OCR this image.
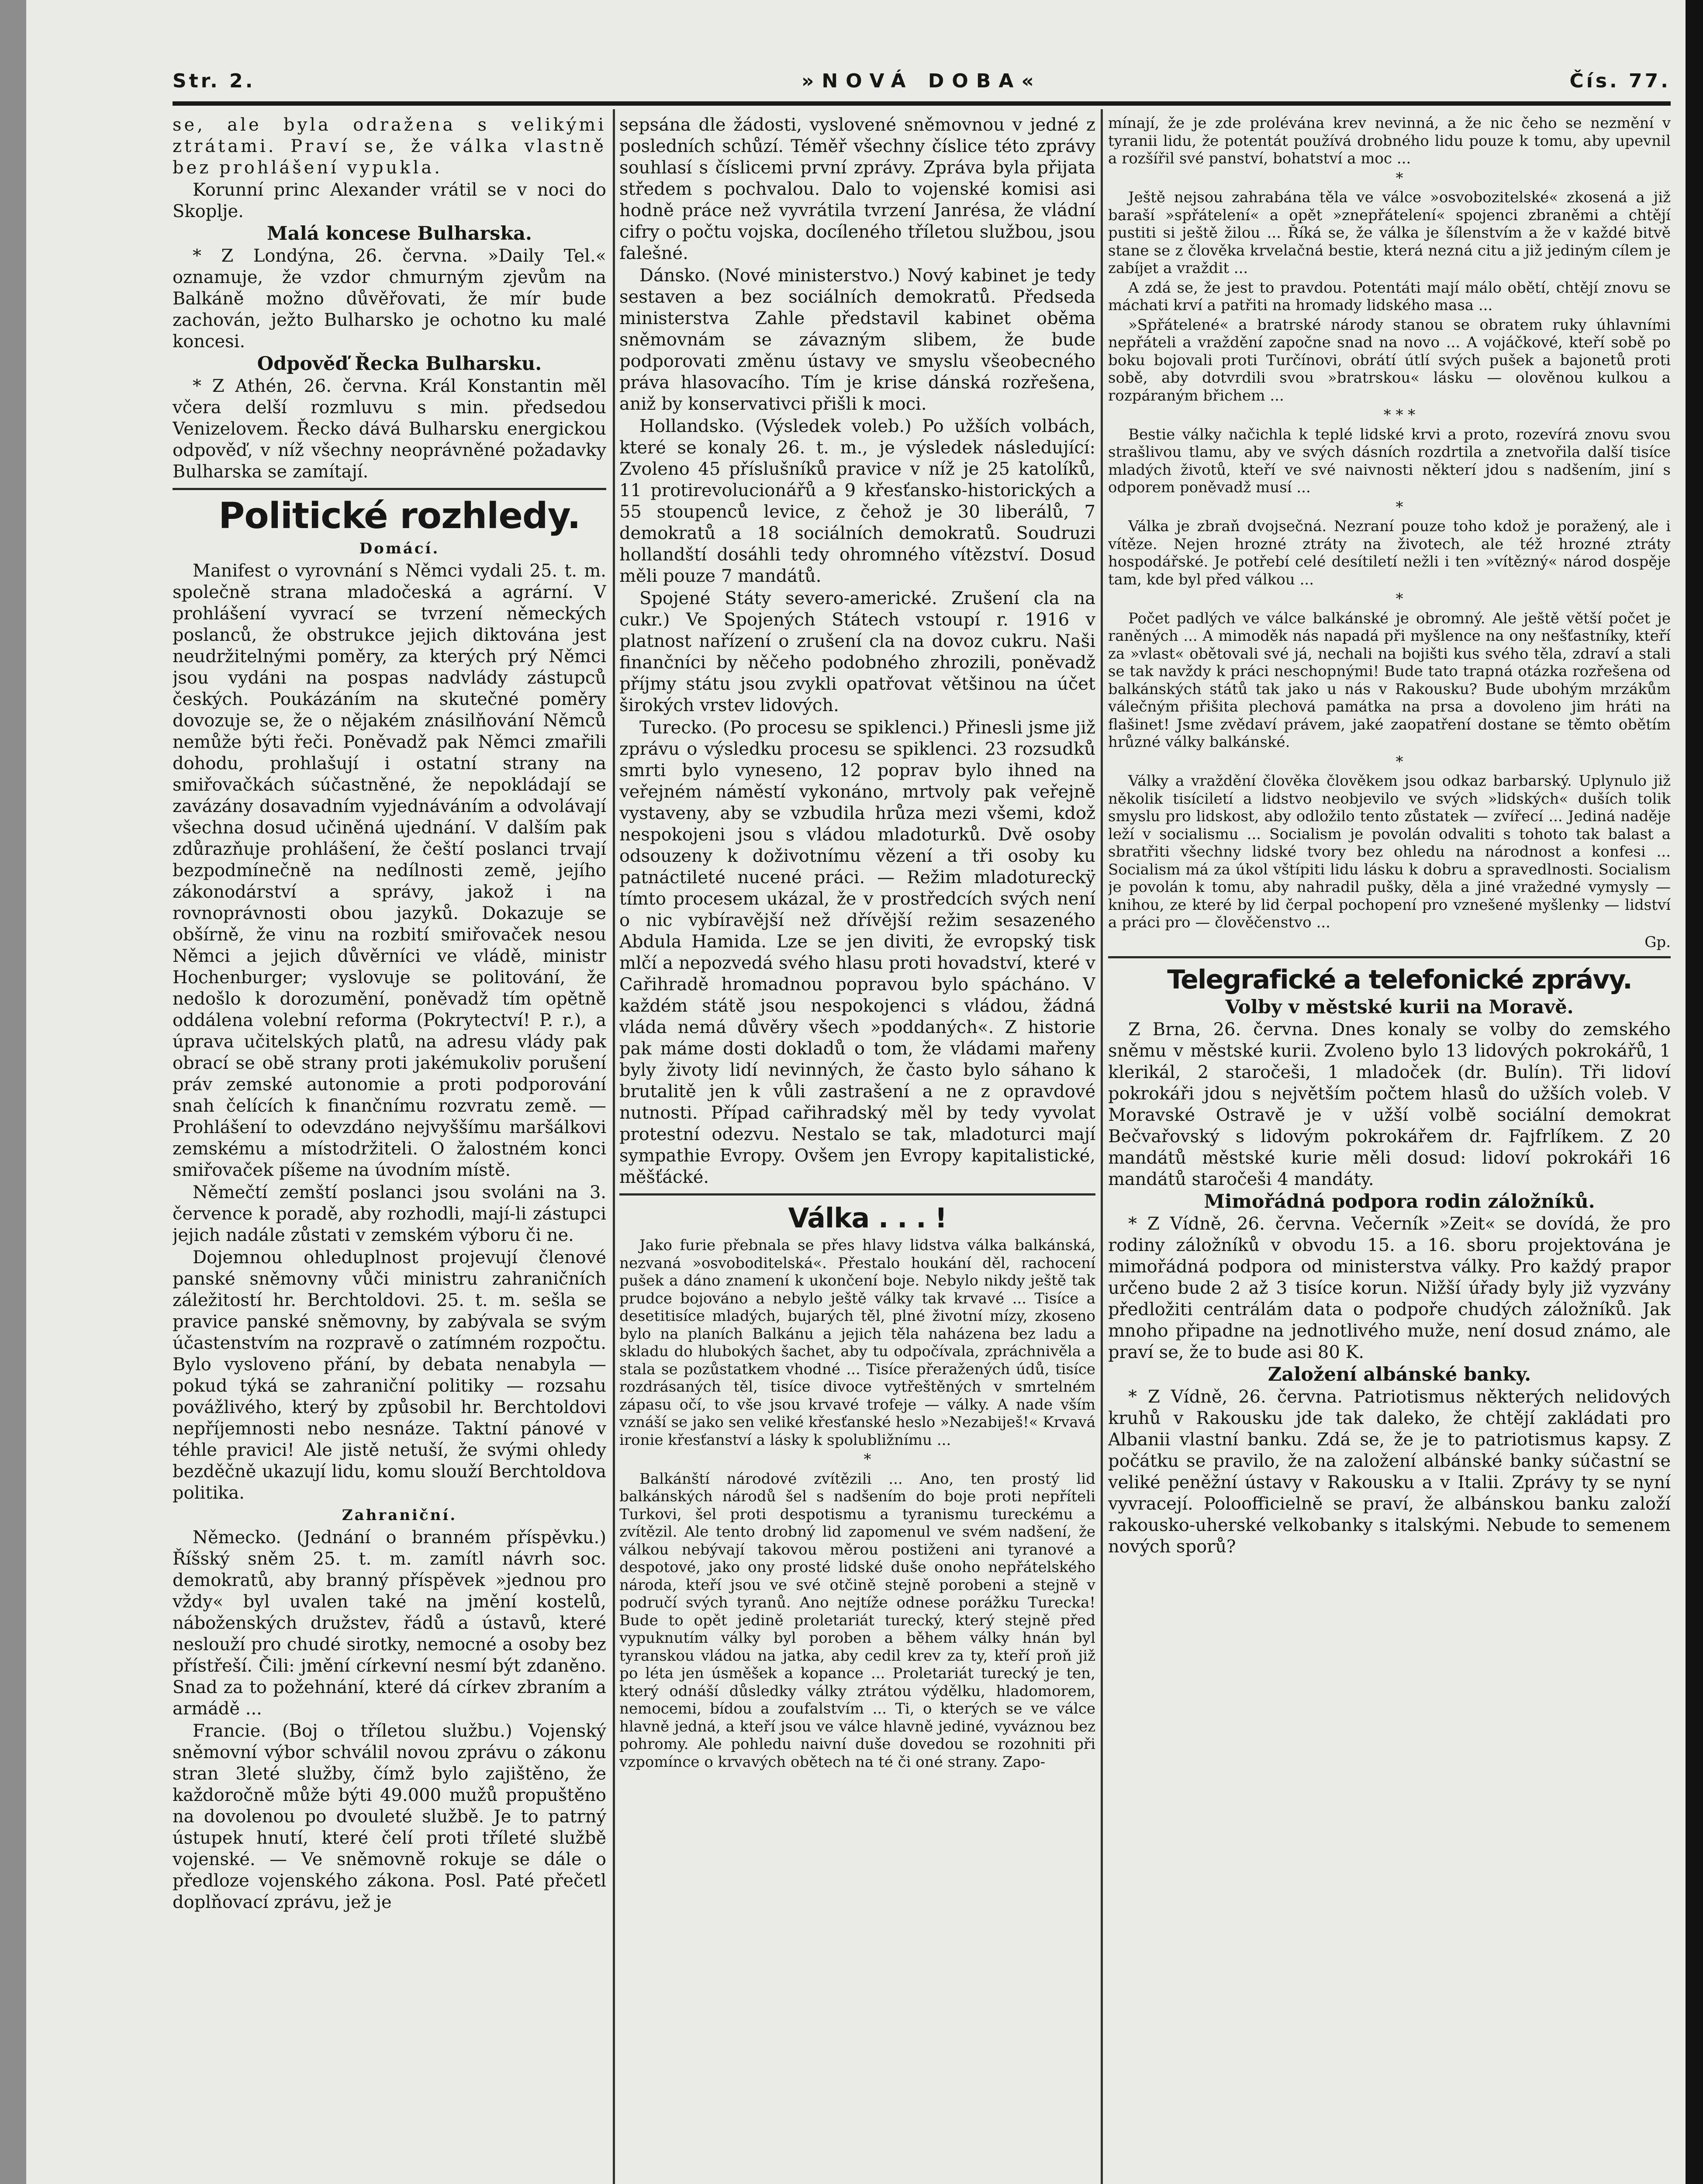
Str. 2.	»NOVÁ DOBA«	Čís. 77.

se, ale byla odražena s velikými ztrátami. Praví se, že válka vlastně bez prohlášení vypukla.

Korunní princ Alexander vrátil se v noci do Skoplje.

Malá koncese Bulharska.

* Z Londýna, 26. června. »Daily Tel.« oznamuje, že vzdor chmurným zjevům na Balkáně možno důvěřovati, že mír bude zachován, ježto Bulharsko je ochotno ku malé koncesi.

Odpověď Řecka Bulharsku.

* Z Athén, 26. června. Král Konstantin měl včera delší rozmluvu s min. předsedou Venizelovem. Řecko dává Bulharsku energickou odpověď, v níž všechny neoprávněné požadavky Bulharska se zamítají.

Politické rozhledy.

Domácí.

Manifest o vyrovnání s Němci vydali 25. t. m. společně strana mladočeská a agrární. V prohlášení vyvrací se tvrzení německých poslanců, že obstrukce jejich diktována jest neudržitelnými poměry, za kterých prý Němci jsou vydáni na pospas nadvlády zástupců českých. Poukázáním na skutečné poměry dovozuje se, že o nějakém znásilňování Němců nemůže býti řeči. Poněvadž pak Němci zmařili dohodu, prohlašují i ostatní strany na smiřovačkách súčastněné, že nepokládají se zavázány dosavadním vyjednáváním a odvolávají všechna dosud učiněná ujednání. V dalším pak zdůrazňuje prohlášení, že čeští poslanci trvají bezpodmínečně na nedílnosti země, jejího zákonodárství a správy, jakož i na rovnoprávnosti obou jazyků. Dokazuje se obšírně, že vinu na rozbití smiřovaček nesou Němci a jejich důvěrníci ve vládě, ministr Hochenburger; vyslovuje se politování, že nedošlo k dorozumění, poněvadž tím opětně oddálena volební reforma (Pokrytectví! P. r.), a úprava učitelských platů, na adresu vlády pak obrací se obě strany proti jakémukoliv porušení práv zemské autonomie a proti podporování snah čelících k finančnímu rozvratu země. — Prohlášení to odevzdáno nejvyššímu maršálkovi zemskému a místodržiteli. O žalostném konci smiřovaček píšeme na úvodním místě.

Němečtí zemští poslanci jsou svoláni na 3. července k poradě, aby rozhodli, mají-li zástupci jejich nadále zůstati v zemském výboru či ne.

Dojemnou ohleduplnost projevují členové panské sněmovny vůči ministru zahraničních záležitostí hr. Berchtoldovi. 25. t. m. sešla se pravice panské sněmovny, by zabývala se svým účastenstvím na rozpravě o zatímném rozpočtu. Bylo vysloveno přání, by debata nenabyla — pokud týká se zahraniční politiky — rozsahu povážlivého, který by způsobil hr. Berchtoldovi nepříjemnosti nebo nesnáze. Taktní pánové v téhle pravici! Ale jistě netuší, že svými ohledy bezděčně ukazují lidu, komu slouží Berchtoldova politika.

Zahraniční.

Německo. (Jednání o branném příspěvku.) Říšský sněm 25. t. m. zamítl návrh soc. demokratů, aby branný příspěvek »jednou pro vždy« byl uvalen také na jmění kostelů, náboženských družstev, řádů a ústavů, které neslouží pro chudé sirotky, nemocné a osoby bez přístřeší. Čili: jmění církevní nesmí být zdaněno. Snad za to požehnání, které dá církev zbraním a armádě ...

Francie. (Boj o tříletou službu.) Vojenský sněmovní výbor schválil novou zprávu o zákonu stran 3leté služby, čímž bylo zajištěno, že každoročně může býti 49.000 mužů propuštěno na dovolenou po dvouleté službě. Je to patrný ústupek hnutí, které čelí proti tříleté službě vojenské. — Ve sněmovně rokuje se dále o předloze vojenského zákona. Posl. Paté přečetl doplňovací zprávu, jež je

sepsána dle žádosti, vyslovené sněmovnou v jedné z posledních schůzí. Téměř všechny číslice této zprávy souhlasí s číslicemi první zprávy. Zpráva byla přijata středem s pochvalou. Dalo to vojenské komisi asi hodně práce než vyvrátila tvrzení Janrésa, že vládní cifry o počtu vojska, docíleného tříletou službou, jsou falešné.

Dánsko. (Nové ministerstvo.) Nový kabinet je tedy sestaven a bez sociálních demokratů. Předseda ministerstva Zahle představil kabinet oběma sněmovnám se závazným slibem, že bude podporovati změnu ústavy ve smyslu všeobecného práva hlasovacího. Tím je krise dánská rozřešena, aniž by konservativci přišli k moci.

Hollandsko. (Výsledek voleb.) Po užších volbách, které se konaly 26. t. m., je výsledek následující: Zvoleno 45 příslušníků pravice v níž je 25 katolíků, 11 protirevolucionářů a 9 křesťansko-historických a 55 stoupenců levice, z čehož je 30 liberálů, 7 demokratů a 18 sociálních demokratů. Soudruzi hollandští dosáhli tedy ohromného vítězství. Dosud měli pouze 7 mandátů.

Spojené Státy severo-americké. Zrušení cla na cukr.) Ve Spojených Státech vstoupí r. 1916 v platnost nařízení o zrušení cla na dovoz cukru. Naši finančníci by něčeho podobného zhrozili, poněvadž příjmy státu jsou zvykli opatřovat většinou na účet širokých vrstev lidových.

Turecko. (Po procesu se spiklenci.) Přinesli jsme již zprávu o výsledku procesu se spiklenci. 23 rozsudků smrti bylo vyneseno, 12 poprav bylo ihned na veřejném náměstí vykonáno, mrtvoly pak veřejně vystaveny, aby se vzbudila hrůza mezi všemi, kdož nespokojeni jsou s vládou mladoturků. Dvě osoby odsouzeny k doživotnímu vězení a tři osoby ku patnáctileté nucené práci. — Režim mladotureckÿ tímto procesem ukázal, že v prostředcích svých není o nic vybíravější než dřívější režim sesazeného Abdula Hamida. Lze se jen diviti, že evropský tisk mlčí a nepozvedá svého hlasu proti hovadství, které v Cařihradě hromadnou popravou bylo spácháno. V každém státě jsou nespokojenci s vládou, žádná vláda nemá důvěry všech »poddaných«. Z historie pak máme dosti dokladů o tom, že vládami mařeny byly životy lidí nevinných, že často bylo sáhano k brutalitě jen k vůli zastrašení a ne z opravdové nutnosti. Případ cařihradský měl by tedy vyvolat protestní odezvu. Nestalo se tak, mladoturci mají sympathie Evropy. Ovšem jen Evropy kapitalistické, měšťácké.

Válka . . . !

Jako furie přebnala se přes hlavy lidstva válka balkánská, nezvaná »osvoboditelská«. Přestalo houkání děl, rachocení pušek a dáno znamení k ukončení boje. Nebylo nikdy ještě tak prudce bojováno a nebylo ještě války tak krvavé ... Tisíce a desetitisíce mladých, bujarých těl, plné životní mízy, zkoseno bylo na planích Balkánu a jejich těla naházena bez ladu a skladu do hlubokých šachet, aby tu odpočívala, zpráchnivěla a stala se pozůstatkem vhodné ... Tisíce přeražených údů, tisíce rozdrásaných těl, tisíce divoce vytřeštěných v smrtelném zápasu očí, to vše jsou krvavé trofeje — války. A nade vším vznáší se jako sen veliké křesťanské heslo »Nezabiješ!« Krvavá ironie křesťanství a lásky k spolubližnímu ...

*

Balkánští národové zvítězili ... Ano, ten prostý lid balkánských národů šel s nadšením do boje proti nepříteli Turkovi, šel proti despotismu a tyranismu tureckému a zvítězil. Ale tento drobný lid zapomenul ve svém nadšení, že válkou nebývají takovou měrou postiženi ani tyranové a despotové, jako ony prosté lidské duše onoho nepřátelského národa, kteří jsou ve své otčině stejně porobeni a stejně v područí svých tyranů. Ano nejtíže odnese porážku Turecka! Bude to opět jedině proletariát turecký, který stejně před vypuknutím války byl poroben a během války hnán byl tyranskou vládou na jatka, aby cedil krev za ty, kteří proň již po léta jen úsměšek a kopance ... Proletariát turecký je ten, který odnáší důsledky války ztrátou výdělku, hladomorem, nemocemi, bídou a zoufalstvím ... Ti, o kterých se ve válce hlavně jedná, a kteří jsou ve válce hlavně jediné, vyváznou bez pohromy. Ale pohledu naivní duše dovedou se rozohniti při vzpomínce o krvavých obětech na té či oné strany. Zapo-

mínají, že je zde prolévána krev nevinná, a že nic čeho se nezmění v tyranii lidu, že potentát používá drobného lidu pouze k tomu, aby upevnil a rozšířil své panství, bohatství a moc ...

*

Ještě nejsou zahrabána těla ve válce »osvobozitelské« zkosená a již baraší »spřátelení« a opět »znepřátelení« spojenci zbraněmi a chtějí pustiti si ještě žilou ... Říká se, že válka je šílenstvím a že v každé bitvě stane se z člověka krvelačná bestie, která nezná citu a již jediným cílem je zabíjet a vraždit ...

A zdá se, že jest to pravdou. Potentáti mají málo obětí, chtějí znovu se máchati krví a patřiti na hromady lidského masa ...

»Spřátelené« a bratrské národy stanou se obratem ruky úhlavními nepřáteli a vraždění započne snad na novo ... A vojáčkové, kteří sobě po boku bojovali proti Turčínovi, obrátí útlí svých pušek a bajonetů proti sobě, aby dotvrdili svou »bratrskou« lásku — olověnou kulkou a rozpáraným břichem ...

* * *

Bestie války načichla k teplé lidské krvi a proto, rozevírá znovu svou strašlivou tlamu, aby ve svých dásních rozdrtila a znetvořila další tisíce mladých životů, kteří ve své naivnosti některí jdou s nadšením, jiní s odporem poněvadž musí ...

*

Válka je zbraň dvojsečná. Nezraní pouze toho kdož je poražený, ale i vítěze. Nejen hrozné ztráty na životech, ale též hrozné ztráty hospodářské. Je potřebí celé desítiletí nežli i ten »vítězný« národ dospěje tam, kde byl před válkou ...

*

Počet padlých ve válce balkánské je obromný. Ale ještě větší počet je raněných ... A mimoděk nás napadá při myšlence na ony nešťastníky, kteří za »vlast« obětovali své já, nechali na bojišti kus svého těla, zdraví a stali se tak navždy k práci neschopnými! Bude tato trapná otázka rozřešena od balkánských států tak jako u nás v Rakousku? Bude ubohým mrzákům válečným přišita plechová památka na prsa a dovoleno jim hráti na flašinet! Jsme zvědaví právem, jaké zaopatření dostane se těmto obětím hrůzné války balkánské.

*

Války a vraždění člověka člověkem jsou odkaz barbarský. Uplynulo již několik tisíciletí a lidstvo neobjevilo ve svých »lidských« duších tolik smyslu pro lidskost, aby odložilo tento zůstatek — zvířecí ... Jediná naděje leží v socialismu ... Socialism je povolán odvaliti s tohoto tak balast a sbratřiti všechny lidské tvory bez ohledu na národnost a konfesi ... Socialism má za úkol vštípiti lidu lásku k dobru a spravedlnosti. Socialism je povolán k tomu, aby nahradil pušky, děla a jiné vražedné vymysly — knihou, ze které by lid čerpal pochopení pro vznešené myšlenky — lidství a práci pro — člověčenstvo ...

Gp.

Telegrafické a telefonické zprávy.

Volby v městské kurii na Moravě.

Z Brna, 26. června. Dnes konaly se volby do zemského sněmu v městské kurii. Zvoleno bylo 13 lidových pokrokářů, 1 klerikál, 2 staročeši, 1 mladoček (dr. Bulín). Tři lidoví pokrokáři jdou s největším počtem hlasů do užších voleb. V Moravské Ostravě je v užší volbě sociální demokrat Bečvařovský s lidovým pokrokářem dr. Fajfrlíkem. Z 20 mandátů městské kurie měli dosud: lidoví pokrokáři 16 mandátů staročeši 4 mandáty.

Mimořádná podpora rodin záložníků.

* Z Vídně, 26. června. Večerník »Zeit« se dovídá, že pro rodiny záložníků v obvodu 15. a 16. sboru projektována je mimořádná podpora od ministerstva války. Pro každý prapor určeno bude 2 až 3 tisíce korun. Nižší úřady byly již vyzvány předložiti centrálám data o podpoře chudých záložníků. Jak mnoho připadne na jednotlivého muže, není dosud známo, ale praví se, že to bude asi 80 K.

Založení albánské banky.

* Z Vídně, 26. června. Patriotismus některých nelidových kruhů v Rakousku jde tak daleko, že chtějí zakládati pro Albanii vlastní banku. Zdá se, že je to patriotismus kapsy. Z počátku se pravilo, že na založení albánské banky súčastní se veliké peněžní ústavy v Rakousku a v Italii. Zprávy ty se nyní vyvracejí. Poloofficielně se praví, že albánskou banku založí rakousko-uherské velkobanky s italskými. Nebude to semenem nových sporů?
